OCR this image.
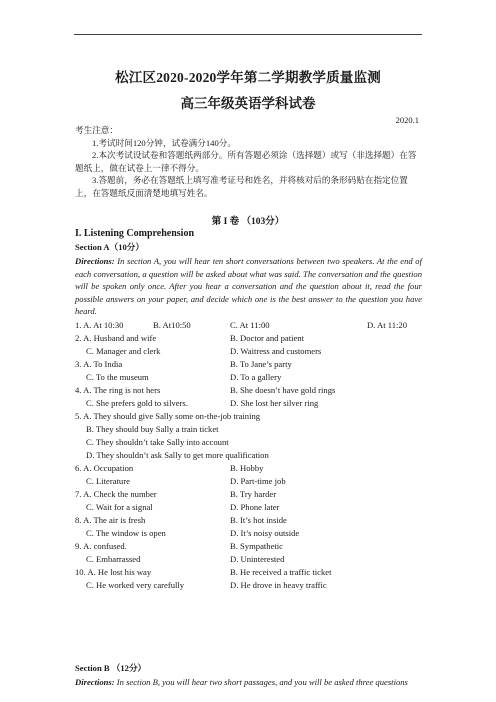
松江区2020-2020学年第二学期教学质量监测
高三年级英语学科试卷
2020.1
考生注意：
1.考试时间120分钟，试卷满分140分。
2.本次考试设试卷和答题纸两部分。所有答题必须涂（选择题）或写（非选择题）在答题纸上，做在试卷上一律不得分。
3.答题前，务必在答题纸上填写准考证号和姓名，并将核对后的条形码贴在指定位置上，在答题纸反面清楚地填写姓名。
第 I 卷 （103分）
I. Listening Comprehension
Section A（10分）
Directions: In section A, you will hear ten short conversations between two speakers. At the end of each conversation, a question will be asked about what was said. The conversation and the question will be spoken only once. After you hear a conversation and the question about it, read the four possible answers on your paper, and decide which one is the best answer to the question you have heard.
1. A. At 10:30	B. At10:50	C. At 11:00	D. At 11:20
2. A. Husband and wife	B. Doctor and patient
C. Manager and clerk	D. Waitress and customers
3. A. To India	B. To Jane’s party
C. To the museum	D. To a gallery
4. A. The ring is not hers	B. She doesn’t have gold rings
C. She prefers gold to silvers.	D. She lost her silver ring
5. A. They should give Sally some on-the-job training
B. They should buy Sally a train ticket
C. They shouldn’t take Sally into account
D. They shouldn’t ask Sally to get more qualification
6. A. Occupation	B. Hobby
C. Literature	D. Part-time job
7. A. Check the number	B. Try harder
C. Wait for a signal	D. Phone later
8. A. The air is fresh	B. It’s hot inside
C. The window is open	D. It’s noisy outside
9. A. confused.	B. Sympathetic
C. Embarrassed	D. Uninterested
10. A. He lost his way	B. He received a traffic ticket
C. He worked very carefully	D. He drove in heavy traffic
Section B （12分）
Directions: In section B, you will hear two short passages, and you will be asked three questions
